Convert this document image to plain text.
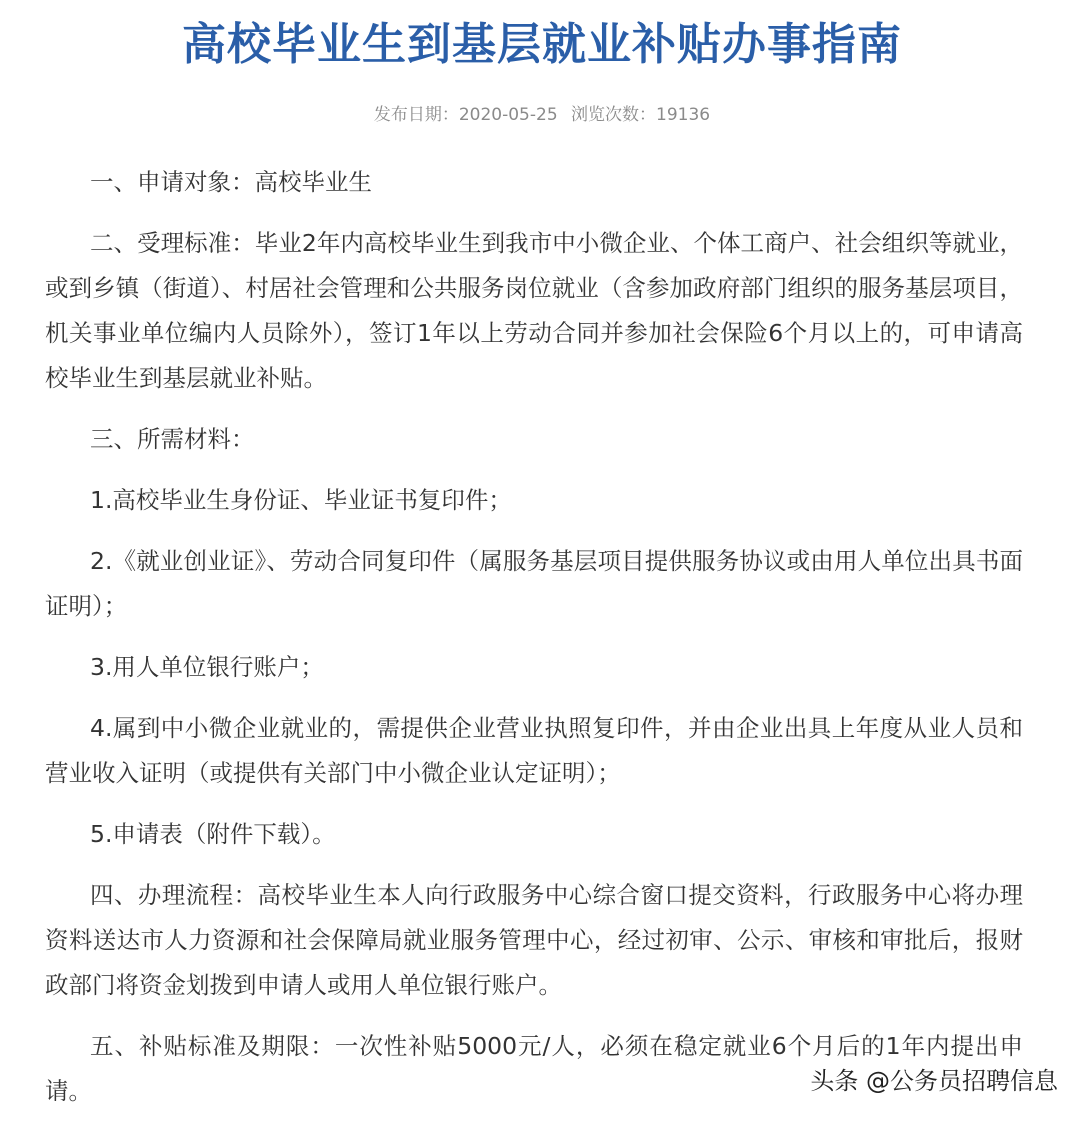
高校毕业生到基层就业补贴办事指南
发布日期：2020-05-25 浏览次数：19136

一、申请对象：高校毕业生

二、受理标准：毕业2年内高校毕业生到我市中小微企业、个体工商户、社会组织等就业，或到乡镇（街道）、村居社会管理和公共服务岗位就业（含参加政府部门组织的服务基层项目，机关事业单位编内人员除外），签订1年以上劳动合同并参加社会保险6个月以上的，可申请高校毕业生到基层就业补贴。

三、所需材料：

1.高校毕业生身份证、毕业证书复印件；

2.《就业创业证》、劳动合同复印件（属服务基层项目提供服务协议或由用人单位出具书面证明）；

3.用人单位银行账户；

4.属到中小微企业就业的，需提供企业营业执照复印件，并由企业出具上年度从业人员和营业收入证明（或提供有关部门中小微企业认定证明）；

5.申请表（附件下载）。

四、办理流程：高校毕业生本人向行政服务中心综合窗口提交资料，行政服务中心将办理资料送达市人力资源和社会保障局就业服务管理中心，经过初审、公示、审核和审批后，报财政部门将资金划拨到申请人或用人单位银行账户。

五、补贴标准及期限：一次性补贴5000元/人，必须在稳定就业6个月后的1年内提出申请。	头条 @公务员招聘信息
